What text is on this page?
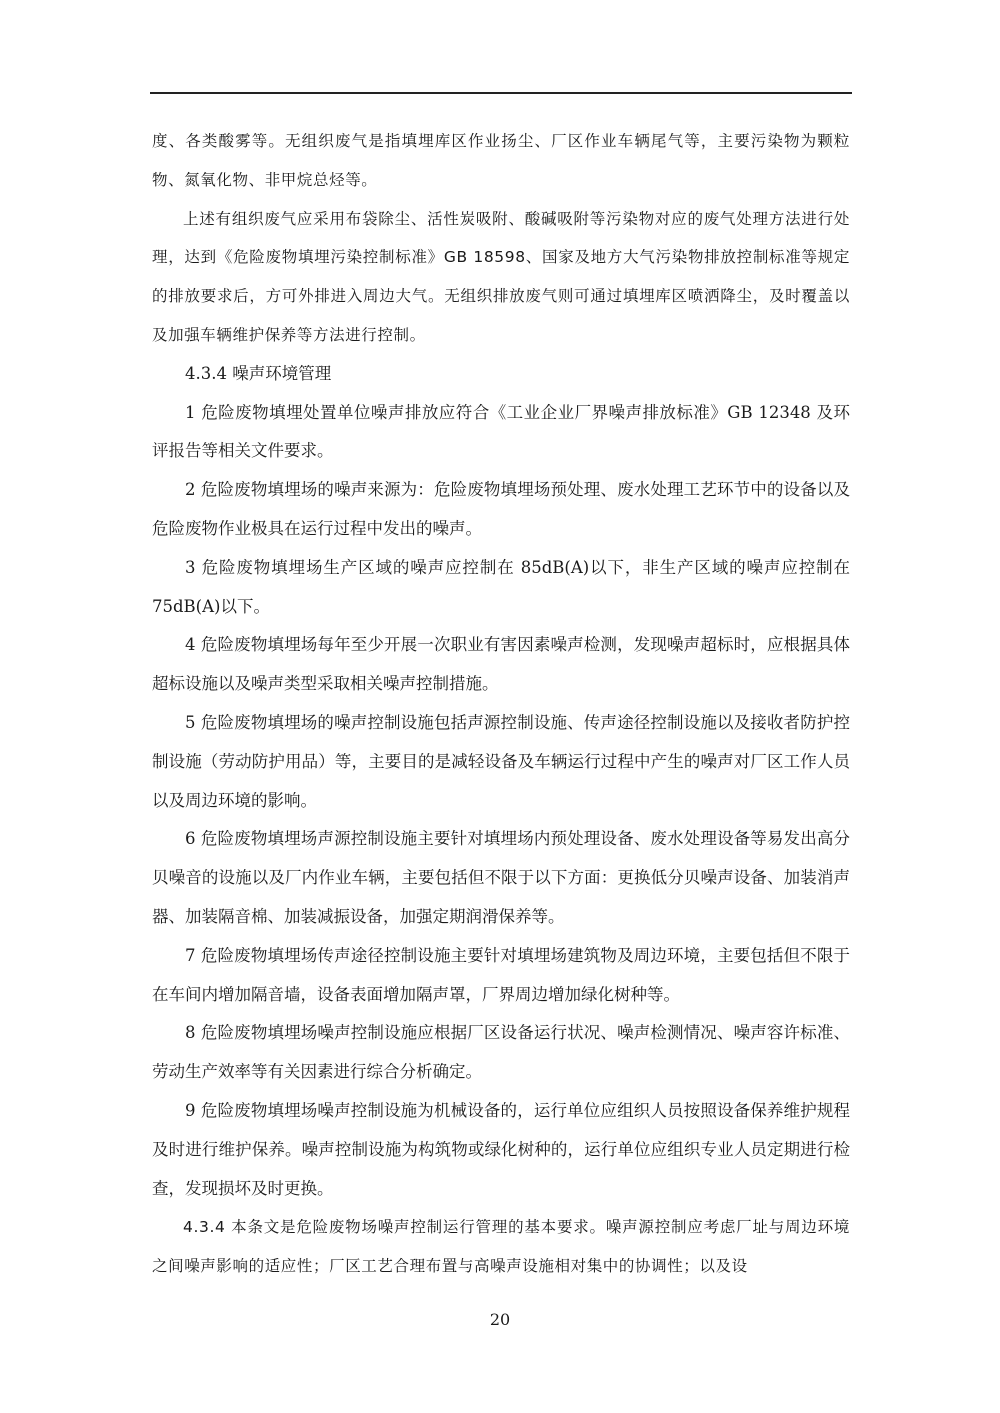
度、各类酸雾等。无组织废气是指填埋库区作业扬尘、厂区作业车辆尾气等，主要污染物为颗粒物、氮氧化物、非甲烷总烃等。

上述有组织废气应采用布袋除尘、活性炭吸附、酸碱吸附等污染物对应的废气处理方法进行处理，达到《危险废物填埋污染控制标准》GB 18598、国家及地方大气污染物排放控制标准等规定的排放要求后，方可外排进入周边大气。无组织排放废气则可通过填埋库区喷洒降尘，及时覆盖以及加强车辆维护保养等方法进行控制。

4.3.4 噪声环境管理

1 危险废物填埋处置单位噪声排放应符合《工业企业厂界噪声排放标准》GB 12348 及环评报告等相关文件要求。

2 危险废物填埋场的噪声来源为：危险废物填埋场预处理、废水处理工艺环节中的设备以及危险废物作业极具在运行过程中发出的噪声。

3 危险废物填埋场生产区域的噪声应控制在 85dB(A)以下，非生产区域的噪声应控制在 75dB(A)以下。

4 危险废物填埋场每年至少开展一次职业有害因素噪声检测，发现噪声超标时，应根据具体超标设施以及噪声类型采取相关噪声控制措施。

5 危险废物填埋场的噪声控制设施包括声源控制设施、传声途径控制设施以及接收者防护控制设施（劳动防护用品）等，主要目的是减轻设备及车辆运行过程中产生的噪声对厂区工作人员以及周边环境的影响。

6 危险废物填埋场声源控制设施主要针对填埋场内预处理设备、废水处理设备等易发出高分贝噪音的设施以及厂内作业车辆，主要包括但不限于以下方面：更换低分贝噪声设备、加装消声器、加装隔音棉、加装减振设备，加强定期润滑保养等。

7 危险废物填埋场传声途径控制设施主要针对填埋场建筑物及周边环境，主要包括但不限于在车间内增加隔音墙，设备表面增加隔声罩，厂界周边增加绿化树种等。

8 危险废物填埋场噪声控制设施应根据厂区设备运行状况、噪声检测情况、噪声容许标准、劳动生产效率等有关因素进行综合分析确定。

9 危险废物填埋场噪声控制设施为机械设备的，运行单位应组织人员按照设备保养维护规程及时进行维护保养。噪声控制设施为构筑物或绿化树种的，运行单位应组织专业人员定期进行检查，发现损坏及时更换。

4.3.4 本条文是危险废物场噪声控制运行管理的基本要求。噪声源控制应考虑厂址与周边环境之间噪声影响的适应性；厂区工艺合理布置与高噪声设施相对集中的协调性；以及设

20
